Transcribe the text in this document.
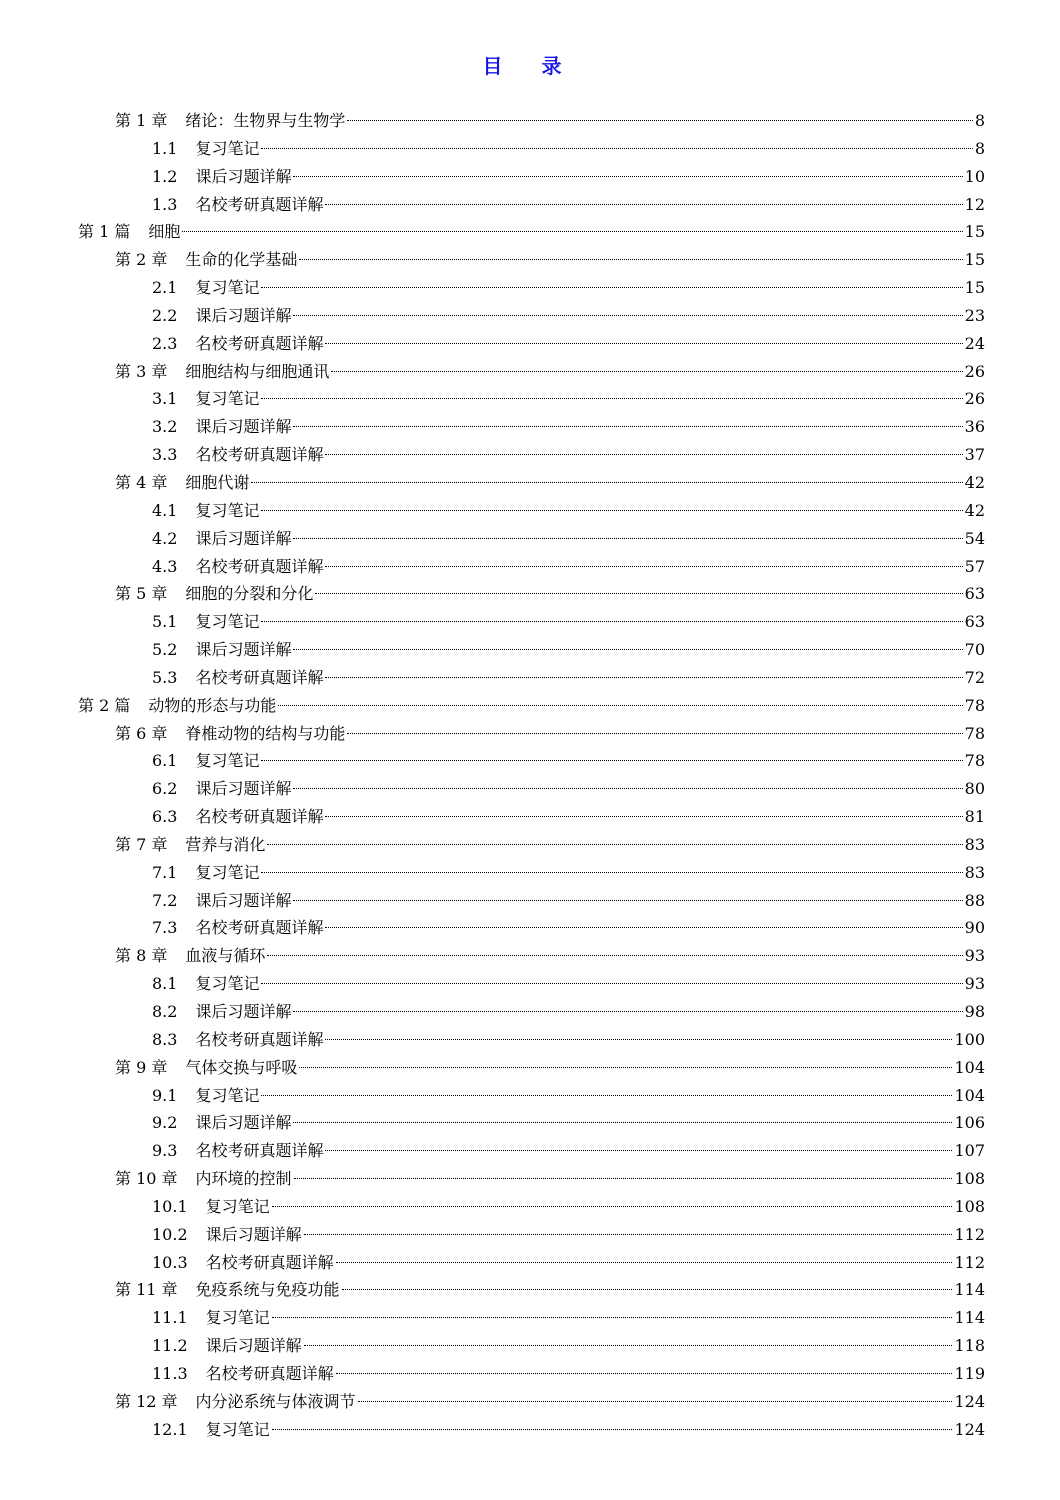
目 录
第 1 章 绪论：生物界与生物学	8
1.1 复习笔记	8
1.2 课后习题详解	10
1.3 名校考研真题详解	12
第 1 篇 细胞	15
第 2 章 生命的化学基础	15
2.1 复习笔记	15
2.2 课后习题详解	23
2.3 名校考研真题详解	24
第 3 章 细胞结构与细胞通讯	26
3.1 复习笔记	26
3.2 课后习题详解	36
3.3 名校考研真题详解	37
第 4 章 细胞代谢	42
4.1 复习笔记	42
4.2 课后习题详解	54
4.3 名校考研真题详解	57
第 5 章 细胞的分裂和分化	63
5.1 复习笔记	63
5.2 课后习题详解	70
5.3 名校考研真题详解	72
第 2 篇 动物的形态与功能	78
第 6 章 脊椎动物的结构与功能	78
6.1 复习笔记	78
6.2 课后习题详解	80
6.3 名校考研真题详解	81
第 7 章 营养与消化	83
7.1 复习笔记	83
7.2 课后习题详解	88
7.3 名校考研真题详解	90
第 8 章 血液与循环	93
8.1 复习笔记	93
8.2 课后习题详解	98
8.3 名校考研真题详解	100
第 9 章 气体交换与呼吸	104
9.1 复习笔记	104
9.2 课后习题详解	106
9.3 名校考研真题详解	107
第 10 章 内环境的控制	108
10.1 复习笔记	108
10.2 课后习题详解	112
10.3 名校考研真题详解	112
第 11 章 免疫系统与免疫功能	114
11.1 复习笔记	114
11.2 课后习题详解	118
11.3 名校考研真题详解	119
第 12 章 内分泌系统与体液调节	124
12.1 复习笔记	124
